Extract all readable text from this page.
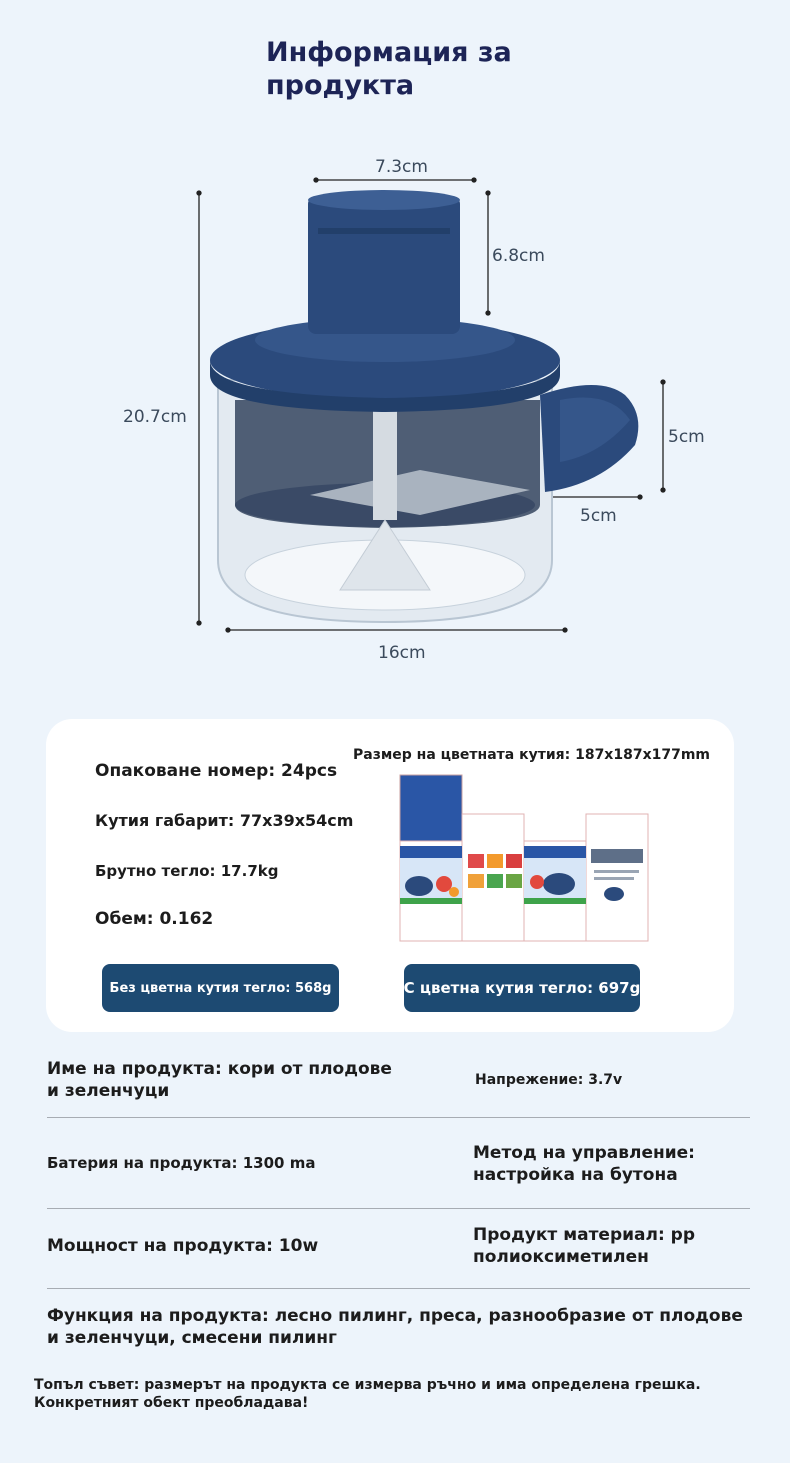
Информация за продукта
7.3cm
6.8cm
20.7cm
5cm
5cm
16cm
Опаковане номер: 24pcs
Кутия габарит: 77x39x54cm
Брутно тегло: 17.7kg
Обем: 0.162
Размер на цветната кутия: 187x187x177mm
Без цветна кутия тегло: 568g	С цветна кутия тегло: 697g
Име на продукта: кори от плодове и зеленчуци
Напрежение: 3.7v
Батерия на продукта: 1300 ma	Метод на управление: настройка на бутона
Мощност на продукта: 10w
Продукт материал: pp полиоксиметилен
Функция на продукта: лесно пилинг, преса, разнообразие от плодове и зеленчуци, смесени пилинг
Топъл съвет: размерът на продукта се измерва ръчно и има определена грешка. Конкретният обект преобладава!
